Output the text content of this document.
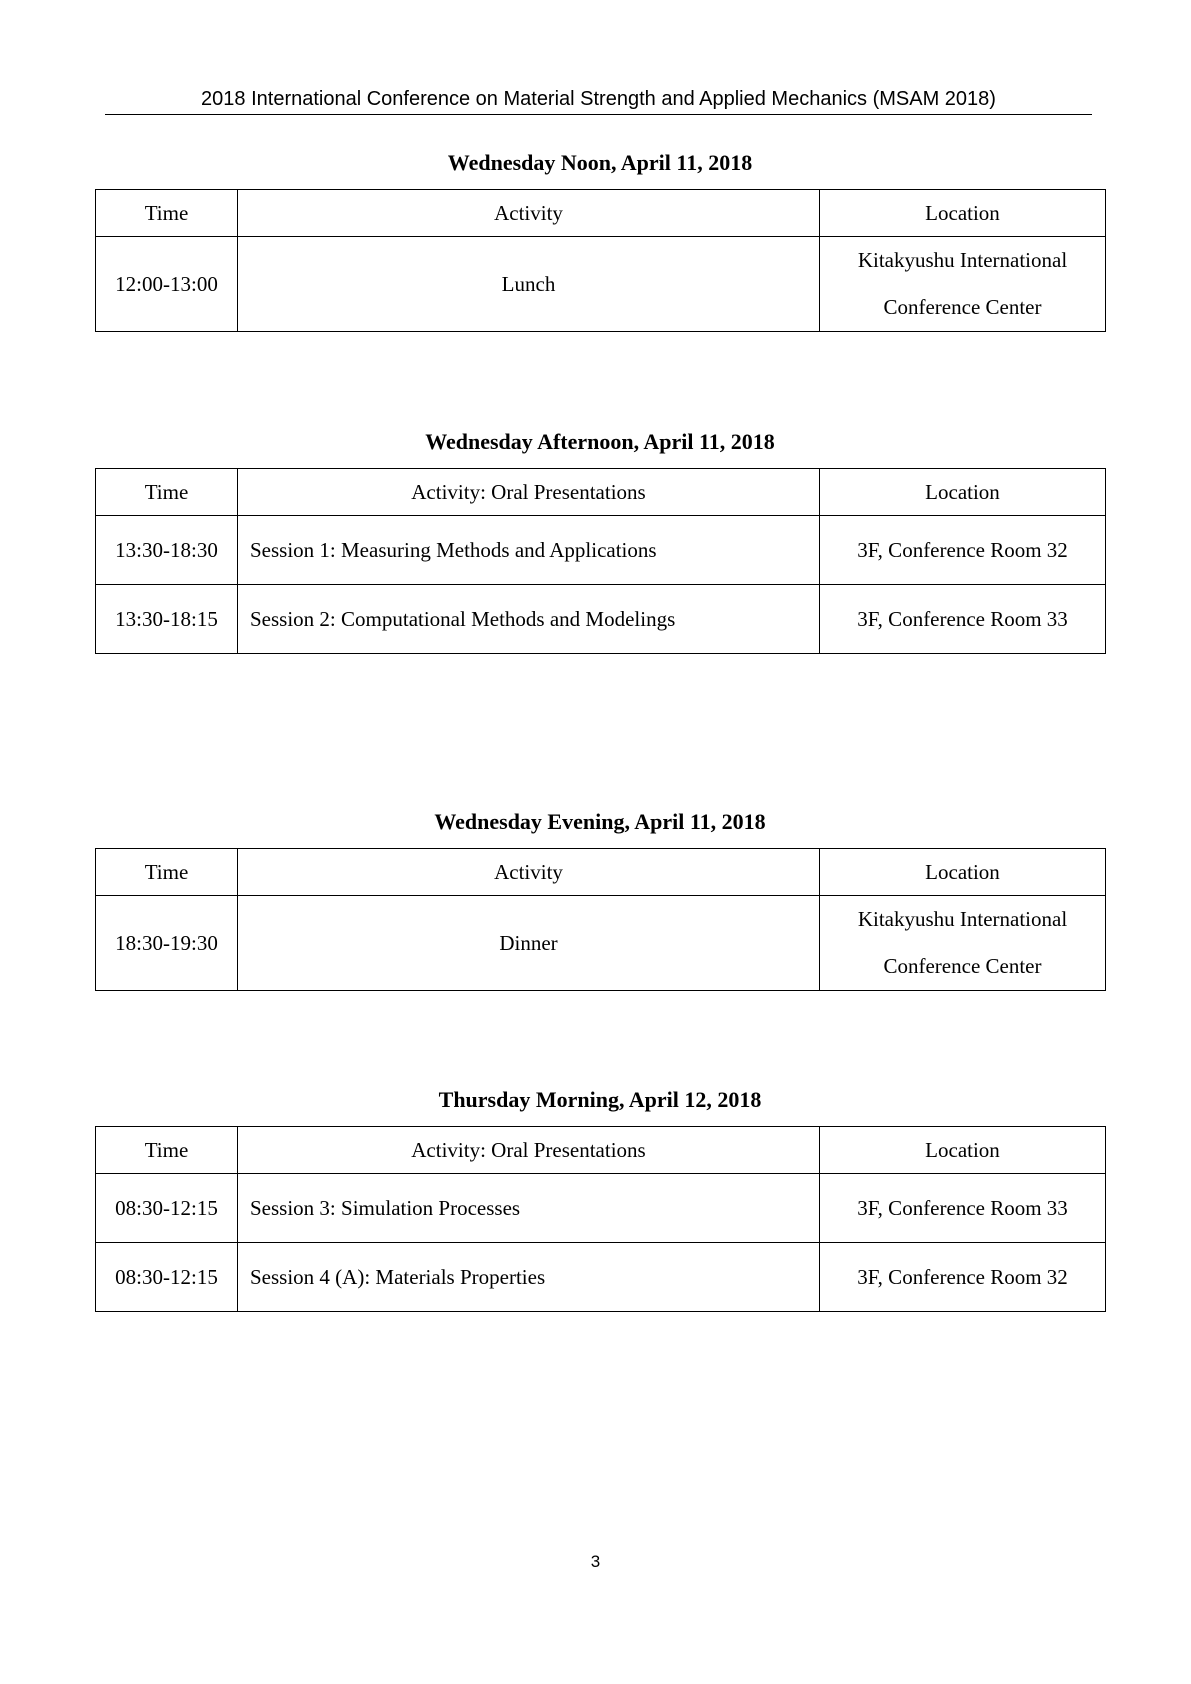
2018 International Conference on Material Strength and Applied Mechanics (MSAM 2018)
Wednesday Noon, April 11, 2018
Time	Activity	Location
12:00-13:00	Lunch	Kitakyushu International
Conference Center
Wednesday Afternoon, April 11, 2018
Time	Activity: Oral Presentations	Location
13:30-18:30	Session 1: Measuring Methods and Applications	3F, Conference Room 32
13:30-18:15	Session 2: Computational Methods and Modelings	3F, Conference Room 33
Wednesday Evening, April 11, 2018
Time	Activity	Location
18:30-19:30	Dinner	Kitakyushu International
Conference Center
Thursday Morning, April 12, 2018
Time	Activity: Oral Presentations	Location
08:30-12:15	Session 3: Simulation Processes	3F, Conference Room 33
08:30-12:15	Session 4 (A): Materials Properties	3F, Conference Room 32
3
